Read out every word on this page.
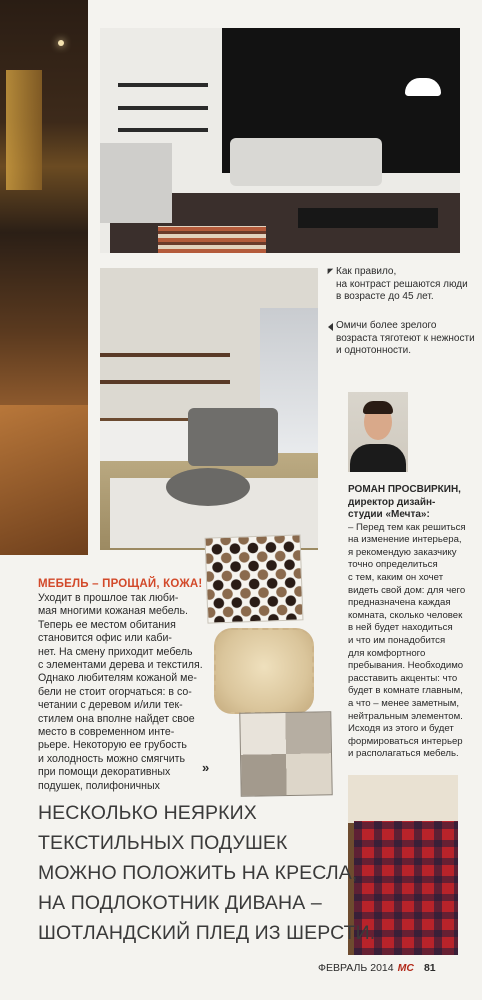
Как правило,
на контраст решаются люди
в возрасте до 45 лет.
Омичи более зрелого
возраста тяготеют к нежности
и однотонности.
РОМАН ПРОСВИРКИН,
директор дизайн-
студии «Мечта»:
– Перед тем как решиться
на изменение интерьера,
я рекомендую заказчику
точно определиться
с тем, каким он хочет
видеть свой дом: для чего
предназначена каждая
комната, сколько человек
в ней будет находиться
и что им понадобится
для комфортного
пребывания. Необходимо
расставить акценты: что
будет в комнате главным,
а что – менее заметным,
нейтральным элементом.
Исходя из этого и будет
формироваться интерьер
и располагаться мебель.
МЕБЕЛЬ – ПРОЩАЙ, КОЖА!
Уходит в прошлое так люби-
мая многими кожаная мебель.
Теперь ее местом обитания
становится офис или каби-
нет. На смену приходит мебель
с элементами дерева и текстиля.
Однако любителям кожаной ме-
бели не стоит огорчаться: в со-
четании с деревом и/или тек-
стилем она вполне найдет свое
место в современном инте-
рьере. Некоторую ее грубость
и холодность можно смягчить
при помощи декоративных
подушек, полифоничных
»
НЕСКОЛЬКО НЕЯРКИХ
ТЕКСТИЛЬНЫХ ПОДУШЕК
МОЖНО ПОЛОЖИТЬ НА КРЕСЛА,
НА ПОДЛОКОТНИК ДИВАНА –
ШОТЛАНДСКИЙ ПЛЕД ИЗ ШЕРСТИ.
ФЕВРАЛЬ 2014 МС 81
